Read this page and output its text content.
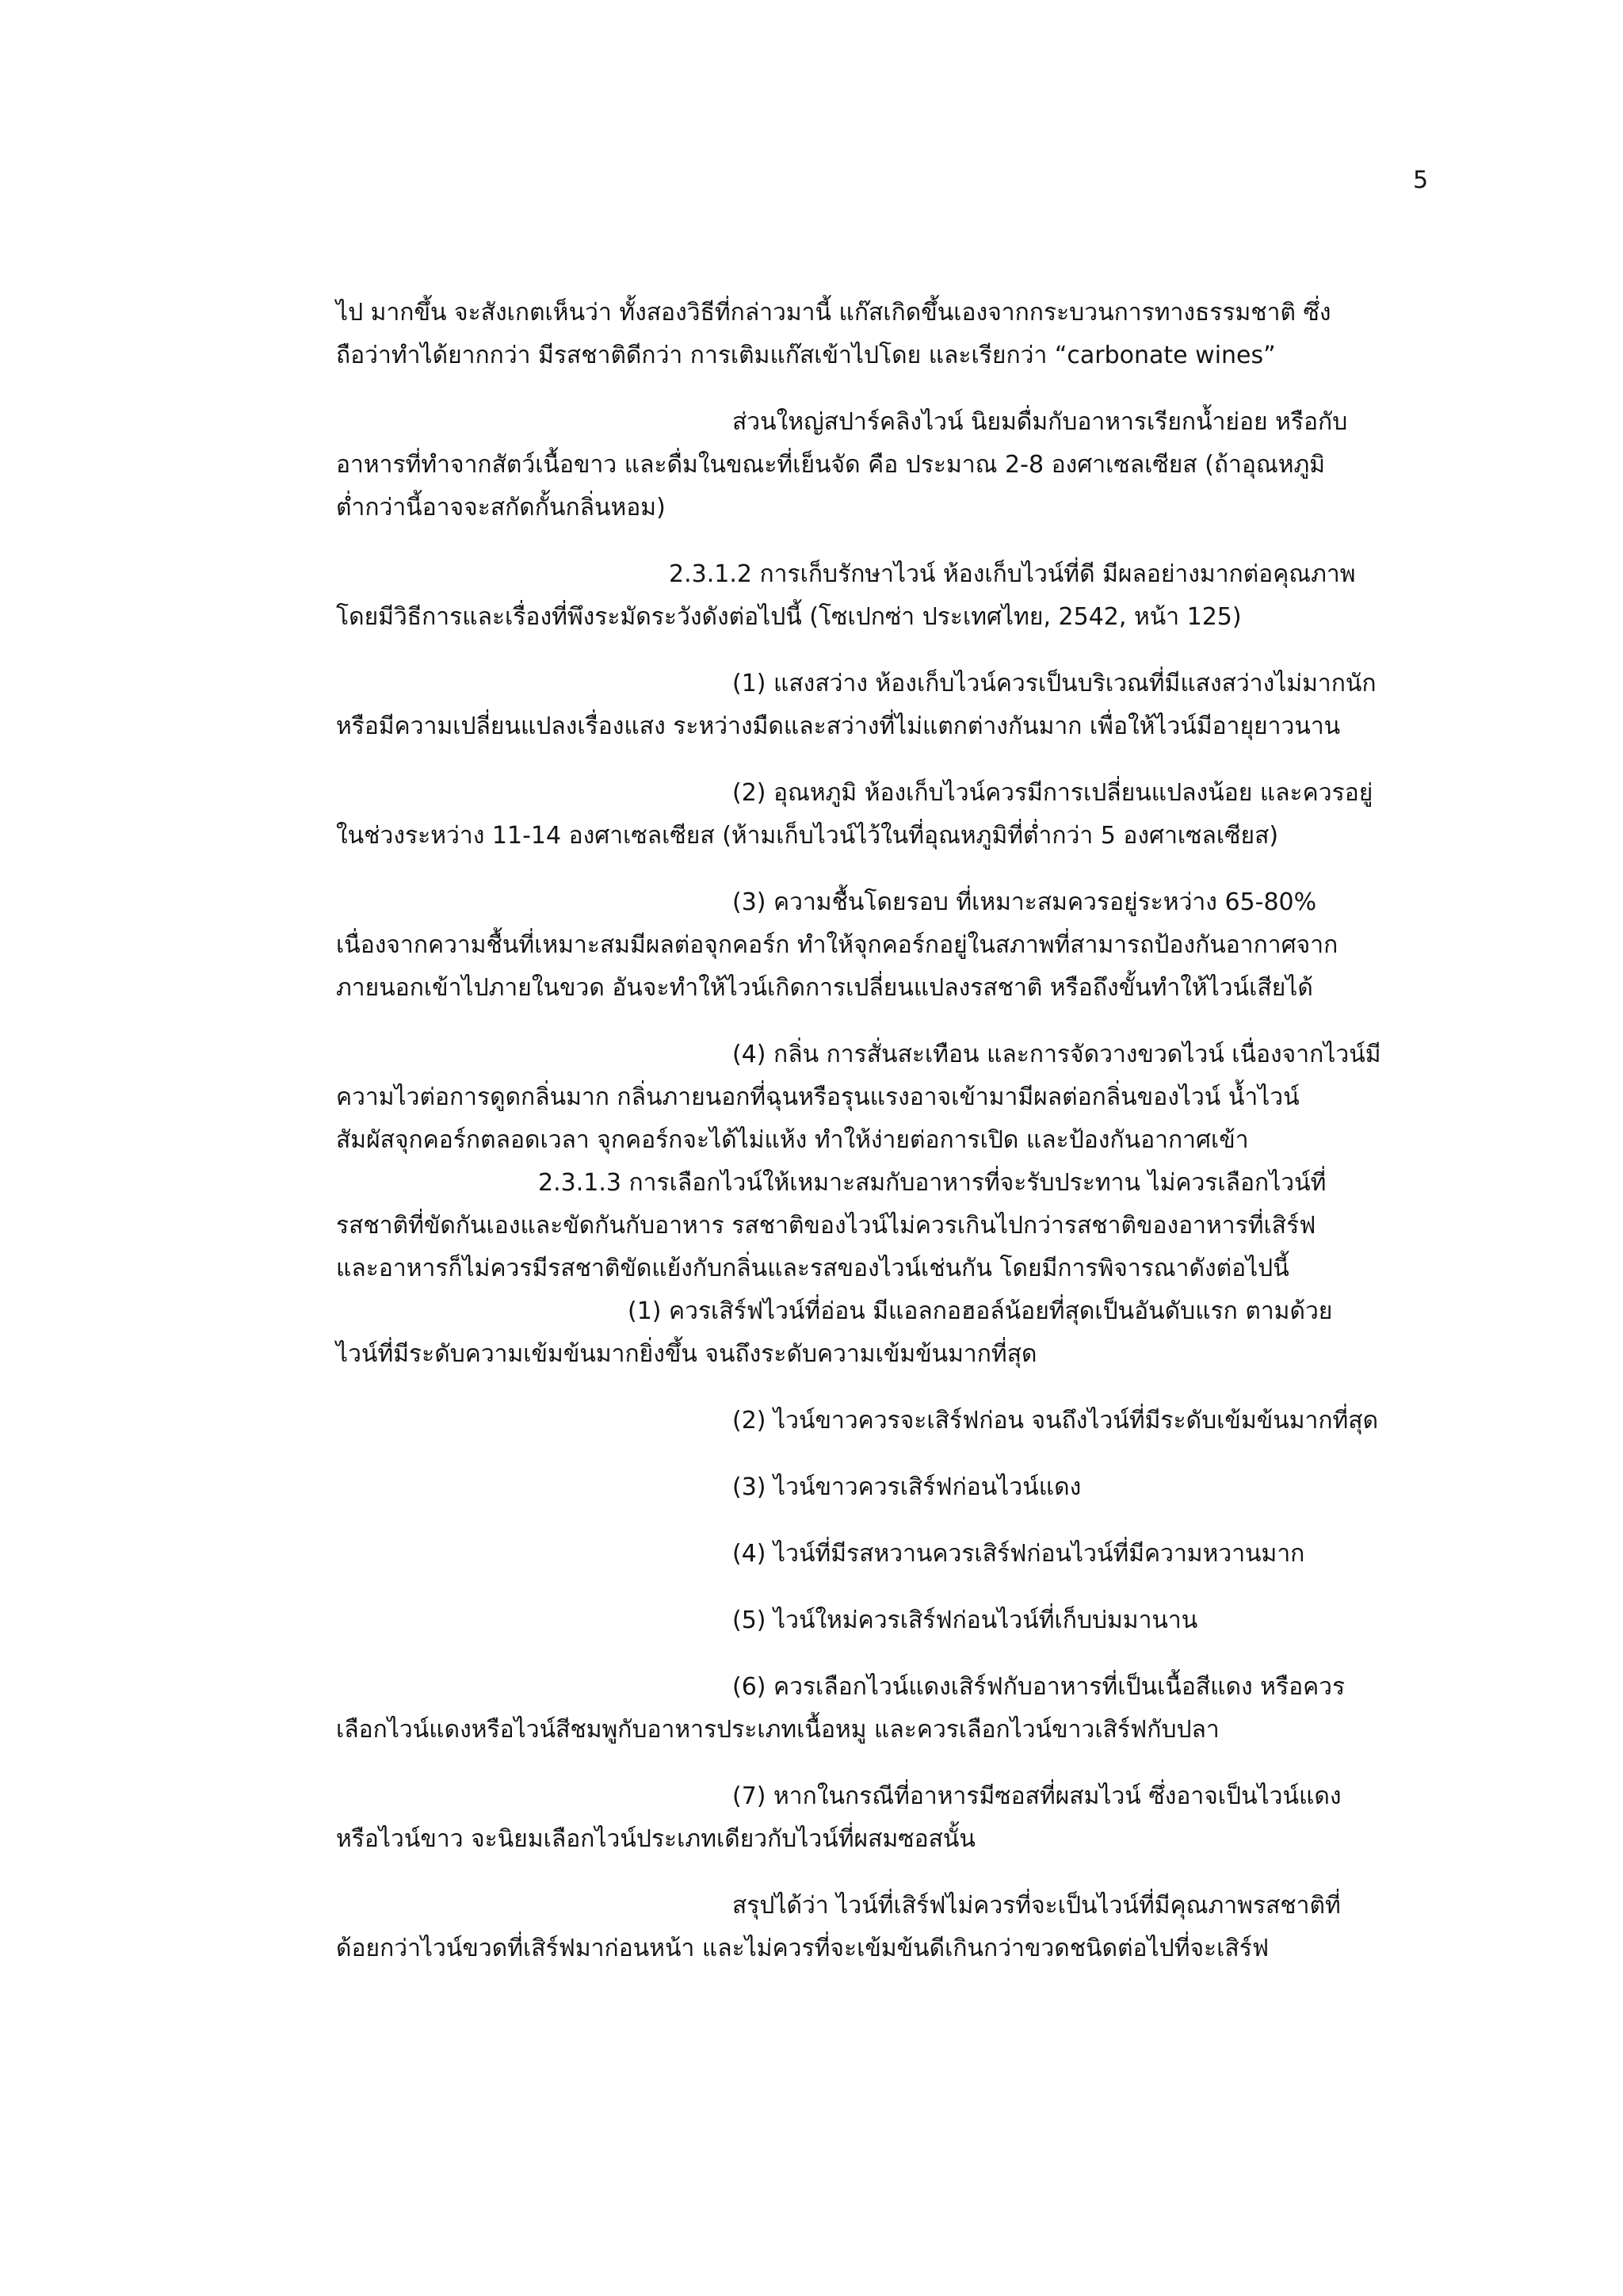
5
ไป มากขึ้น จะสังเกตเห็นว่า ทั้งสองวิธีที่กล่าวมานี้ แก๊สเกิดขึ้นเองจากกระบวนการทางธรรมชาติ ซึ่ง
ถือว่าทำได้ยากกว่า มีรสชาติดีกว่า การเติมแก๊สเข้าไปโดย และเรียกว่า “carbonate wines”
ส่วนใหญ่สปาร์คลิงไวน์ นิยมดื่มกับอาหารเรียกน้ำย่อย หรือกับ
อาหารที่ทำจากสัตว์เนื้อขาว และดื่มในขณะที่เย็นจัด คือ ประมาณ 2-8 องศาเซลเซียส (ถ้าอุณหภูมิ
ต่ำกว่านี้อาจจะสกัดกั้นกลิ่นหอม)
2.3.1.2 การเก็บรักษาไวน์ ห้องเก็บไวน์ที่ดี มีผลอย่างมากต่อคุณภาพ
โดยมีวิธีการและเรื่องที่พึงระมัดระวังดังต่อไปนี้ (โซเปกซ่า ประเทศไทย, 2542, หน้า 125)
(1) แสงสว่าง ห้องเก็บไวน์ควรเป็นบริเวณที่มีแสงสว่างไม่มากนัก
หรือมีความเปลี่ยนแปลงเรื่องแสง ระหว่างมืดและสว่างที่ไม่แตกต่างกันมาก เพื่อให้ไวน์มีอายุยาวนาน
(2) อุณหภูมิ ห้องเก็บไวน์ควรมีการเปลี่ยนแปลงน้อย และควรอยู่
ในช่วงระหว่าง 11-14 องศาเซลเซียส (ห้ามเก็บไวน์ไว้ในที่อุณหภูมิที่ต่ำกว่า 5 องศาเซลเซียส)
(3) ความชื้นโดยรอบ ที่เหมาะสมควรอยู่ระหว่าง 65-80%
เนื่องจากความชื้นที่เหมาะสมมีผลต่อจุกคอร์ก ทำให้จุกคอร์กอยู่ในสภาพที่สามารถป้องกันอากาศจาก
ภายนอกเข้าไปภายในขวด อันจะทำให้ไวน์เกิดการเปลี่ยนแปลงรสชาติ หรือถึงขั้นทำให้ไวน์เสียได้
(4) กลิ่น การสั่นสะเทือน และการจัดวางขวดไวน์ เนื่องจากไวน์มี
ความไวต่อการดูดกลิ่นมาก กลิ่นภายนอกที่ฉุนหรือรุนแรงอาจเข้ามามีผลต่อกลิ่นของไวน์ น้ำไวน์
สัมผัสจุกคอร์กตลอดเวลา จุกคอร์กจะได้ไม่แห้ง ทำให้ง่ายต่อการเปิด และป้องกันอากาศเข้า
2.3.1.3 การเลือกไวน์ให้เหมาะสมกับอาหารที่จะรับประทาน ไม่ควรเลือกไวน์ที่
รสชาติที่ขัดกันเองและขัดกันกับอาหาร รสชาติของไวน์ไม่ควรเกินไปกว่ารสชาติของอาหารที่เสิร์ฟ
และอาหารก็ไม่ควรมีรสชาติขัดแย้งกับกลิ่นและรสของไวน์เช่นกัน โดยมีการพิจารณาดังต่อไปนี้
(1) ควรเสิร์ฟไวน์ที่อ่อน มีแอลกอฮอล์น้อยที่สุดเป็นอันดับแรก ตามด้วย
ไวน์ที่มีระดับความเข้มข้นมากยิ่งขึ้น จนถึงระดับความเข้มข้นมากที่สุด
(2) ไวน์ขาวควรจะเสิร์ฟก่อน จนถึงไวน์ที่มีระดับเข้มข้นมากที่สุด
(3) ไวน์ขาวควรเสิร์ฟก่อนไวน์แดง
(4) ไวน์ที่มีรสหวานควรเสิร์ฟก่อนไวน์ที่มีความหวานมาก
(5) ไวน์ใหม่ควรเสิร์ฟก่อนไวน์ที่เก็บบ่มมานาน
(6) ควรเลือกไวน์แดงเสิร์ฟกับอาหารที่เป็นเนื้อสีแดง หรือควร
เลือกไวน์แดงหรือไวน์สีชมพูกับอาหารประเภทเนื้อหมู และควรเลือกไวน์ขาวเสิร์ฟกับปลา
(7) หากในกรณีที่อาหารมีซอสที่ผสมไวน์ ซึ่งอาจเป็นไวน์แดง
หรือไวน์ขาว จะนิยมเลือกไวน์ประเภทเดียวกับไวน์ที่ผสมซอสนั้น
สรุปได้ว่า ไวน์ที่เสิร์ฟไม่ควรที่จะเป็นไวน์ที่มีคุณภาพรสชาติที่
ด้อยกว่าไวน์ขวดที่เสิร์ฟมาก่อนหน้า และไม่ควรที่จะเข้มข้นดีเกินกว่าขวดชนิดต่อไปที่จะเสิร์ฟ
